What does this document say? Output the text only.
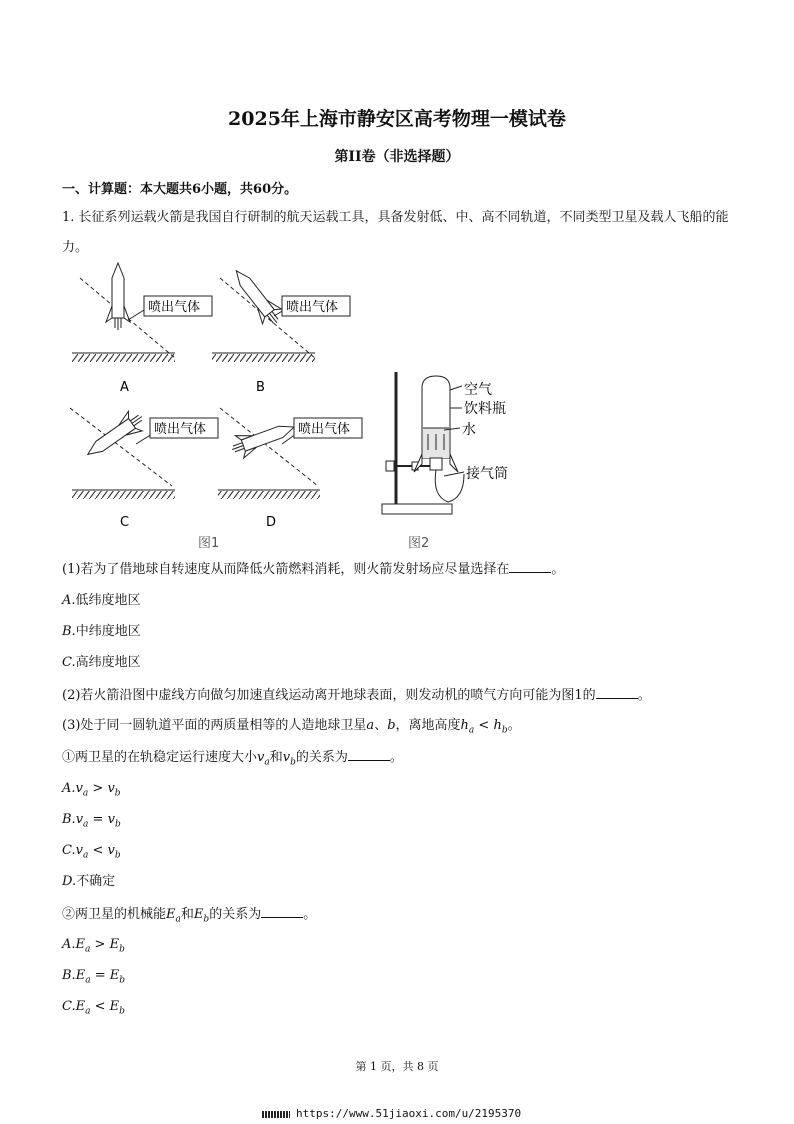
2025年上海市静安区高考物理一模试卷
第II卷（非选择题）
一、计算题：本大题共6小题，共60分。
1. 长征系列运载火箭是我国自行研制的航天运载工具，具备发射低、中、高不同轨道，不同类型卫星及载人飞船的能力。
喷出气体
A
喷出气体
B
喷出气体
C
喷出气体
D
图1
空气
饮料瓶
水
接气筒
图2
(1)若为了借地球自转速度从而降低火箭燃料消耗，则火箭发射场应尽量选择在	。
A.低纬度地区
B.中纬度地区
C.高纬度地区
(2)若火箭沿图中虚线方向做匀加速直线运动离开地球表面，则发动机的喷气方向可能为图1的	。
(3)处于同一圆轨道平面的两质量相等的人造地球卫星a、b，离地高度$h_a < h_b$。
①两卫星的在轨稳定运行速度大小$v_a$和$v_b$的关系为	。
$A.v_a > v_b$
$B.v_a = v_b$
$C.v_a < v_b$
D.不确定
②两卫星的机械能$E_a$和$E_b$的关系为	。
$A.E_a > E_b$
$B.E_a = E_b$
$C.E_a < E_b$
第 1 页，共 8 页
https://www.51jiaoxi.com/u/2195370
